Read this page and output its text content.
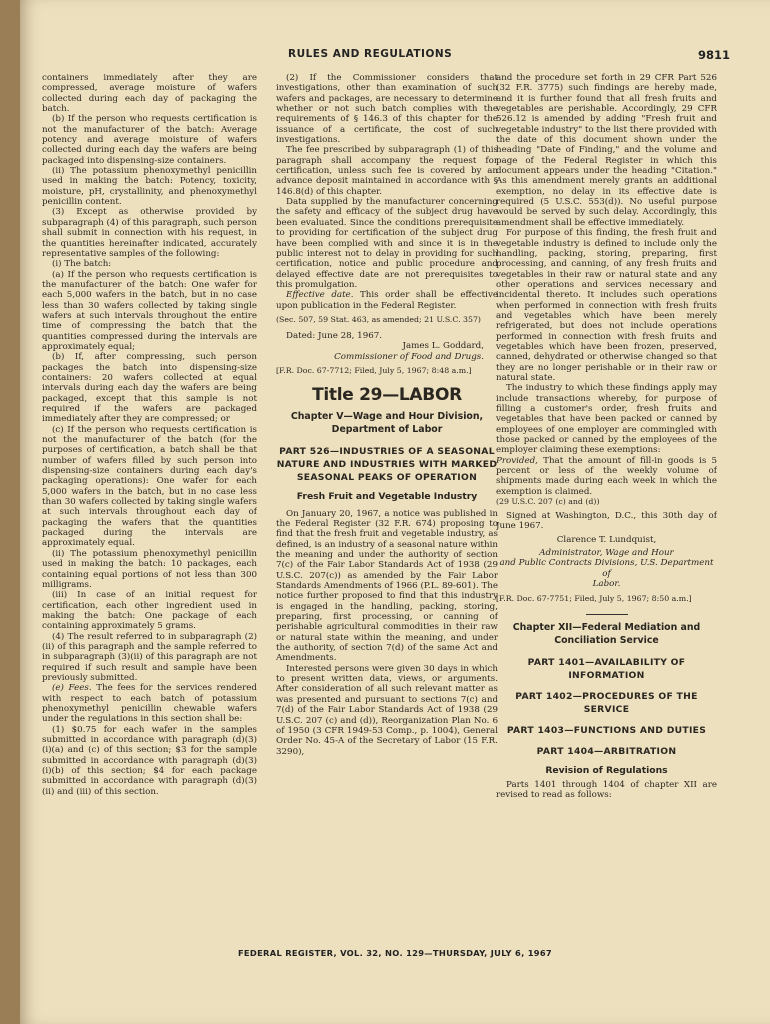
RULES AND REGULATIONS	9811

containers immediately after they are compressed, average moisture of wafers collected during each day of packaging the batch.

(b) If the person who requests certification is not the manufacturer of the batch: Average potency and average moisture of wafers collected during each day the wafers are being packaged into dispensing-size containers.

(ii) The potassium phenoxymethyl penicillin used in making the batch: Potency, toxicity, moisture, pH, crystallinity, and phenoxymethyl penicillin content.

(3) Except as otherwise provided by subparagraph (4) of this paragraph, such person shall submit in connection with his request, in the quantities hereinafter indicated, accurately representative samples of the following:

(i) The batch:

(a) If the person who requests certification is the manufacturer of the batch: One wafer for each 5,000 wafers in the batch, but in no case less than 30 wafers collected by taking single wafers at such intervals throughout the entire time of compressing the batch that the quantities compressed during the intervals are approximately equal;

(b) If, after compressing, such person packages the batch into dispensing-size containers: 20 wafers collected at equal intervals during each day the wafers are being packaged, except that this sample is not required if the wafers are packaged immediately after they are compressed; or

(c) If the person who requests certification is not the manufacturer of the batch (for the purposes of certification, a batch shall be that number of wafers filled by such person into dispensing-size containers during each day's packaging operations): One wafer for each 5,000 wafers in the batch, but in no case less than 30 wafers collected by taking single wafers at such intervals throughout each day of packaging the wafers that the quantities packaged during the intervals are approximately equal.

(ii) The potassium phenoxymethyl penicillin used in making the batch: 10 packages, each containing equal portions of not less than 300 milligrams.

(iii) In case of an initial request for certification, each other ingredient used in making the batch: One package of each containing approximately 5 grams.

(4) The result referred to in subparagraph (2)(ii) of this paragraph and the sample referred to in subparagraph (3)(ii) of this paragraph are not required if such result and sample have been previously submitted.

(e) Fees. The fees for the services rendered with respect to each batch of potassium phenoxymethyl penicillin chewable wafers under the regulations in this section shall be:

(1) $0.75 for each wafer in the samples submitted in accordance with paragraph (d)(3)(i)(a) and (c) of this section; $3 for the sample submitted in accordance with paragraph (d)(3)(i)(b) of this section; $4 for each package submitted in accordance with paragraph (d)(3)(ii) and (iii) of this section.

(2) If the Commissioner considers that investigations, other than examination of such wafers and packages, are necessary to determine whether or not such batch complies with the requirements of § 146.3 of this chapter for the issuance of a certificate, the cost of such investigations.

The fee prescribed by subparagraph (1) of this paragraph shall accompany the request for certification, unless such fee is covered by an advance deposit maintained in accordance with § 146.8(d) of this chapter.

Data supplied by the manufacturer concerning the safety and efficacy of the subject drug have been evaluated. Since the conditions prerequisite to providing for certification of the subject drug have been complied with and since it is in the public interest not to delay in providing for such certification, notice and public procedure and delayed effective date are not prerequisites to this promulgation.

Effective date. This order shall be effective upon publication in the Federal Register.

(Sec. 507, 59 Stat. 463, as amended; 21 U.S.C. 357)

Dated: June 28, 1967.

James L. Goddard,

Commissioner of Food and Drugs.

[F.R. Doc. 67-7712; Filed, July 5, 1967; 8:48 a.m.]

Title 29—LABOR
Chapter V—Wage and Hour Division, Department of Labor
PART 526—INDUSTRIES OF A SEASONAL NATURE AND INDUSTRIES WITH MARKED SEASONAL PEAKS OF OPERATION
Fresh Fruit and Vegetable Industry

On January 20, 1967, a notice was published in the Federal Register (32 F.R. 674) proposing to find that the fresh fruit and vegetable industry, as defined, is an industry of a seasonal nature within the meaning and under the authority of section 7(c) of the Fair Labor Standards Act of 1938 (29 U.S.C. 207(c)) as amended by the Fair Labor Standards Amendments of 1966 (P.L. 89-601). The notice further proposed to find that this industry is engaged in the handling, packing, storing, preparing, first processing, or canning of perishable agricultural commodities in their raw or natural state within the meaning, and under the authority, of section 7(d) of the same Act and Amendments.

Interested persons were given 30 days in which to present written data, views, or arguments. After consideration of all such relevant matter as was presented and pursuant to sections 7(c) and 7(d) of the Fair Labor Standards Act of 1938 (29 U.S.C. 207 (c) and (d)), Reorganization Plan No. 6 of 1950 (3 CFR 1949-53 Comp., p. 1004), General Order No. 45-A of the Secretary of Labor (15 F.R. 3290),

and the procedure set forth in 29 CFR Part 526 (32 F.R. 3775) such findings are hereby made, and it is further found that all fresh fruits and vegetables are perishable. Accordingly, 29 CFR 526.12 is amended by adding "Fresh fruit and vegetable industry" to the list there provided with the date of this document shown under the heading "Date of Finding," and the volume and page of the Federal Register in which this document appears under the heading "Citation." As this amendment merely grants an additional exemption, no delay in its effective date is required (5 U.S.C. 553(d)). No useful purpose would be served by such delay. Accordingly, this amendment shall be effective immediately.

For purpose of this finding, the fresh fruit and vegetable industry is defined to include only the handling, packing, storing, preparing, first processing, and canning, of any fresh fruits and vegetables in their raw or natural state and any other operations and services necessary and incidental thereto. It includes such operations when performed in connection with fresh fruits and vegetables which have been merely refrigerated, but does not include operations performed in connection with fresh fruits and vegetables which have been frozen, preserved, canned, dehydrated or otherwise changed so that they are no longer perishable or in their raw or natural state.

The industry to which these findings apply may include transactions whereby, for purpose of filling a customer's order, fresh fruits and vegetables that have been packed or canned by employees of one employer are commingled with those packed or canned by the employees of the employer claiming these exemptions:

Provided, That the amount of fill-in goods is 5 percent or less of the weekly volume of shipments made during each week in which the exemption is claimed.

(29 U.S.C. 207 (c) and (d))

Signed at Washington, D.C., this 30th day of June 1967.

Clarence T. Lundquist,

Administrator, Wage and Hour
and Public Contracts Divisions, U.S. Department of
Labor.

[F.R. Doc. 67-7751; Filed, July 5, 1967; 8:50 a.m.]

Chapter XII—Federal Mediation and Conciliation Service
PART 1401—AVAILABILITY OF INFORMATION
PART 1402—PROCEDURES OF THE SERVICE
PART 1403—FUNCTIONS AND DUTIES
PART 1404—ARBITRATION
Revision of Regulations

Parts 1401 through 1404 of chapter XII are revised to read as follows:

FEDERAL REGISTER, VOL. 32, NO. 129—THURSDAY, JULY 6, 1967
